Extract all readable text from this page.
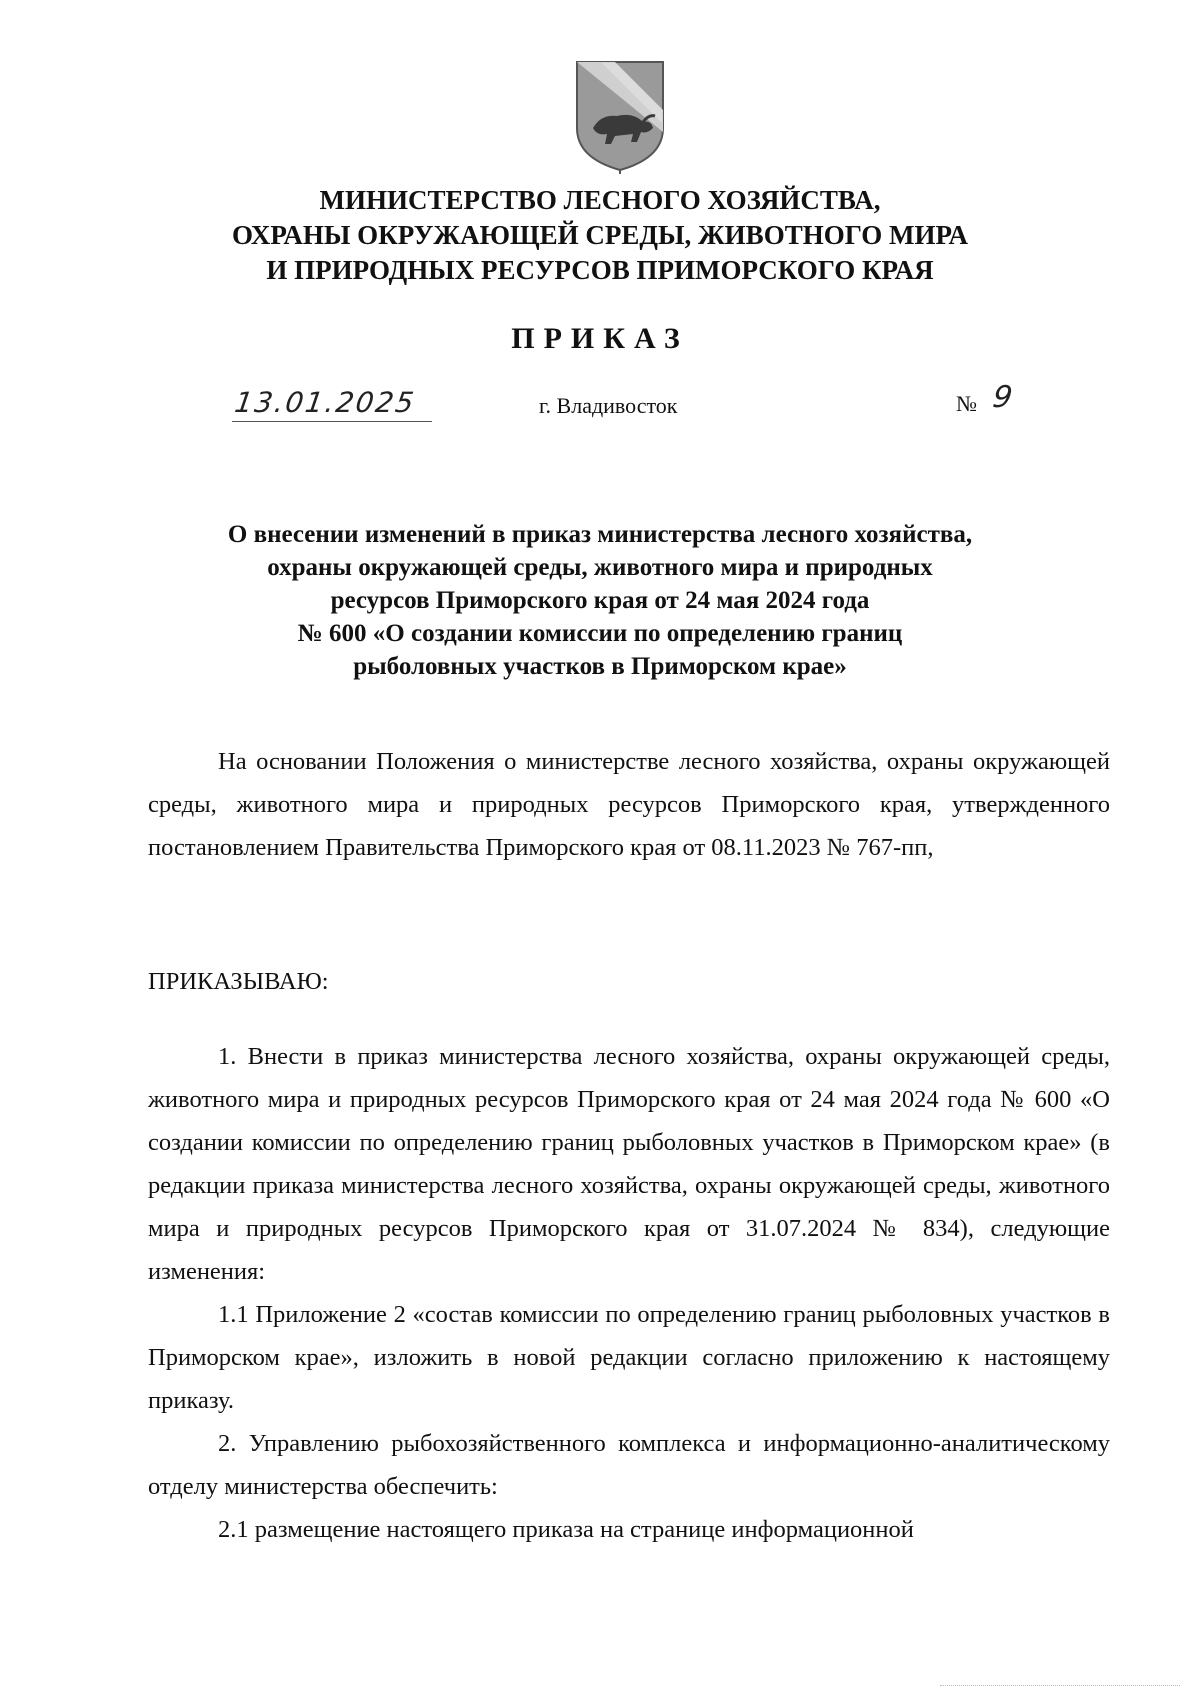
МИНИСТЕРСТВО ЛЕСНОГО ХОЗЯЙСТВА,
ОХРАНЫ ОКРУЖАЮЩЕЙ СРЕДЫ, ЖИВОТНОГО МИРА
И ПРИРОДНЫХ РЕСУРСОВ ПРИМОРСКОГО КРАЯ
ПРИКАЗ
13.01.2025	г. Владивосток	№ 9
О внесении изменений в приказ министерства лесного хозяйства,
охраны окружающей среды, животного мира и природных
ресурсов Приморского края от 24 мая 2024 года
№ 600 «О создании комиссии по определению границ
рыболовных участков в Приморском крае»

На основании Положения о министерстве лесного хозяйства, охраны окружающей среды, животного мира и природных ресурсов Приморского края, утвержденного постановлением Правительства Приморского края от 08.11.2023 № 767-пп,

ПРИКАЗЫВАЮ:

1. Внести в приказ министерства лесного хозяйства, охраны окружающей среды, животного мира и природных ресурсов Приморского края от 24 мая 2024 года № 600 «О создании комиссии по определению границ рыболовных участков в Приморском крае» (в редакции приказа министерства лесного хозяйства, охраны окружающей среды, животного мира и природных ресурсов Приморского края от 31.07.2024 № 834), следующие изменения:

1.1 Приложение 2 «состав комиссии по определению границ рыболовных участков в Приморском крае», изложить в новой редакции согласно приложению к настоящему приказу.

2. Управлению рыбохозяйственного комплекса и информационно-аналитическому отделу министерства обеспечить:

2.1 размещение настоящего приказа на странице информационной
